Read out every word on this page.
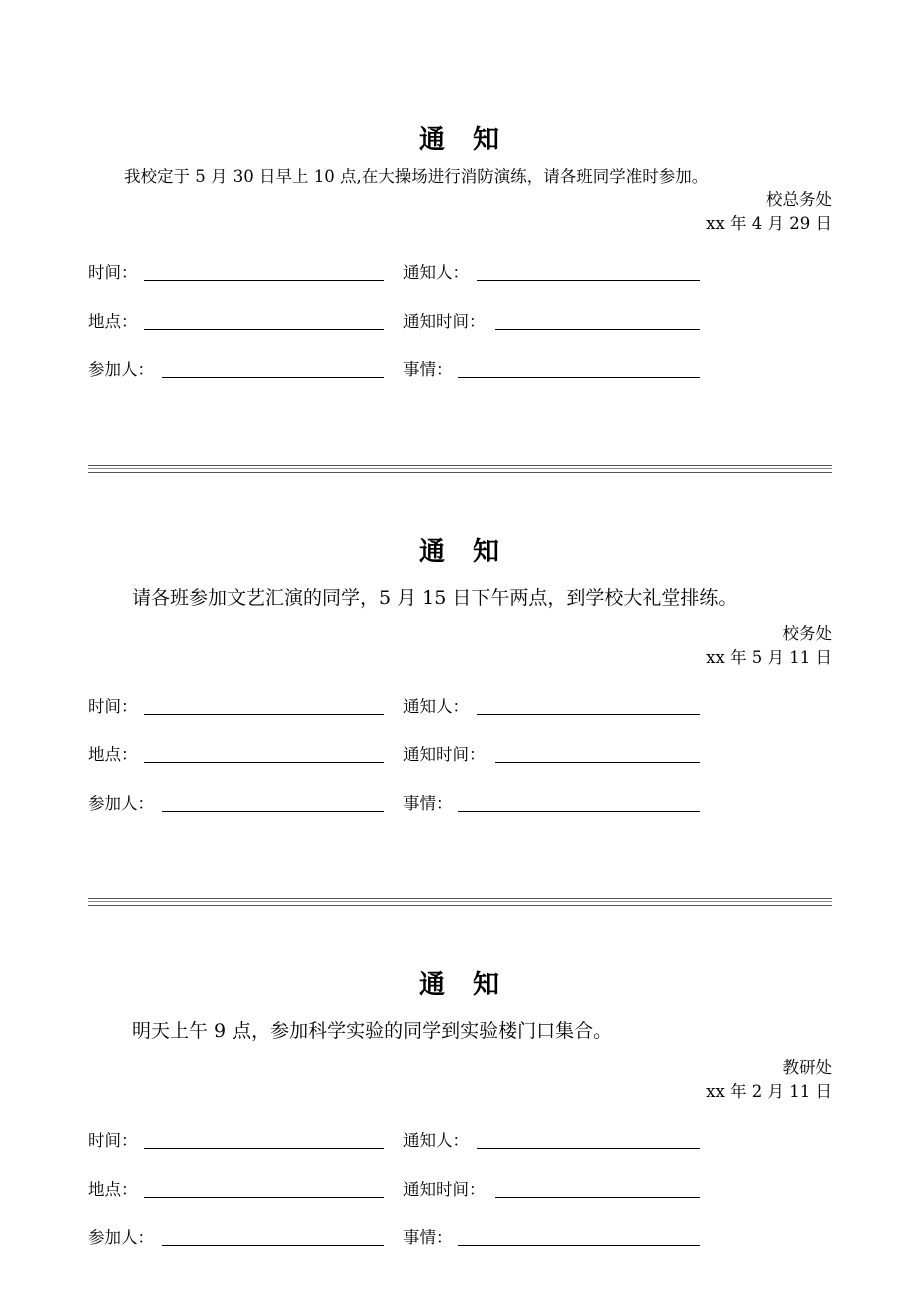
通 知
我校定于 5 月 30 日早上 10 点,在大操场进行消防演练，请各班同学准时参加。
校总务处
xx 年 4 月 29 日
时间：	通知人：
地点：	通知时间：
参加人：	事情：
通 知
请各班参加文艺汇演的同学，5 月 15 日下午两点，到学校大礼堂排练。
校务处
xx 年 5 月 11 日
时间：	通知人：
地点：	通知时间：
参加人：	事情：
通 知
明天上午 9 点，参加科学实验的同学到实验楼门口集合。
教研处
xx 年 2 月 11 日
时间：	通知人：
地点：	通知时间：
参加人：	事情：
